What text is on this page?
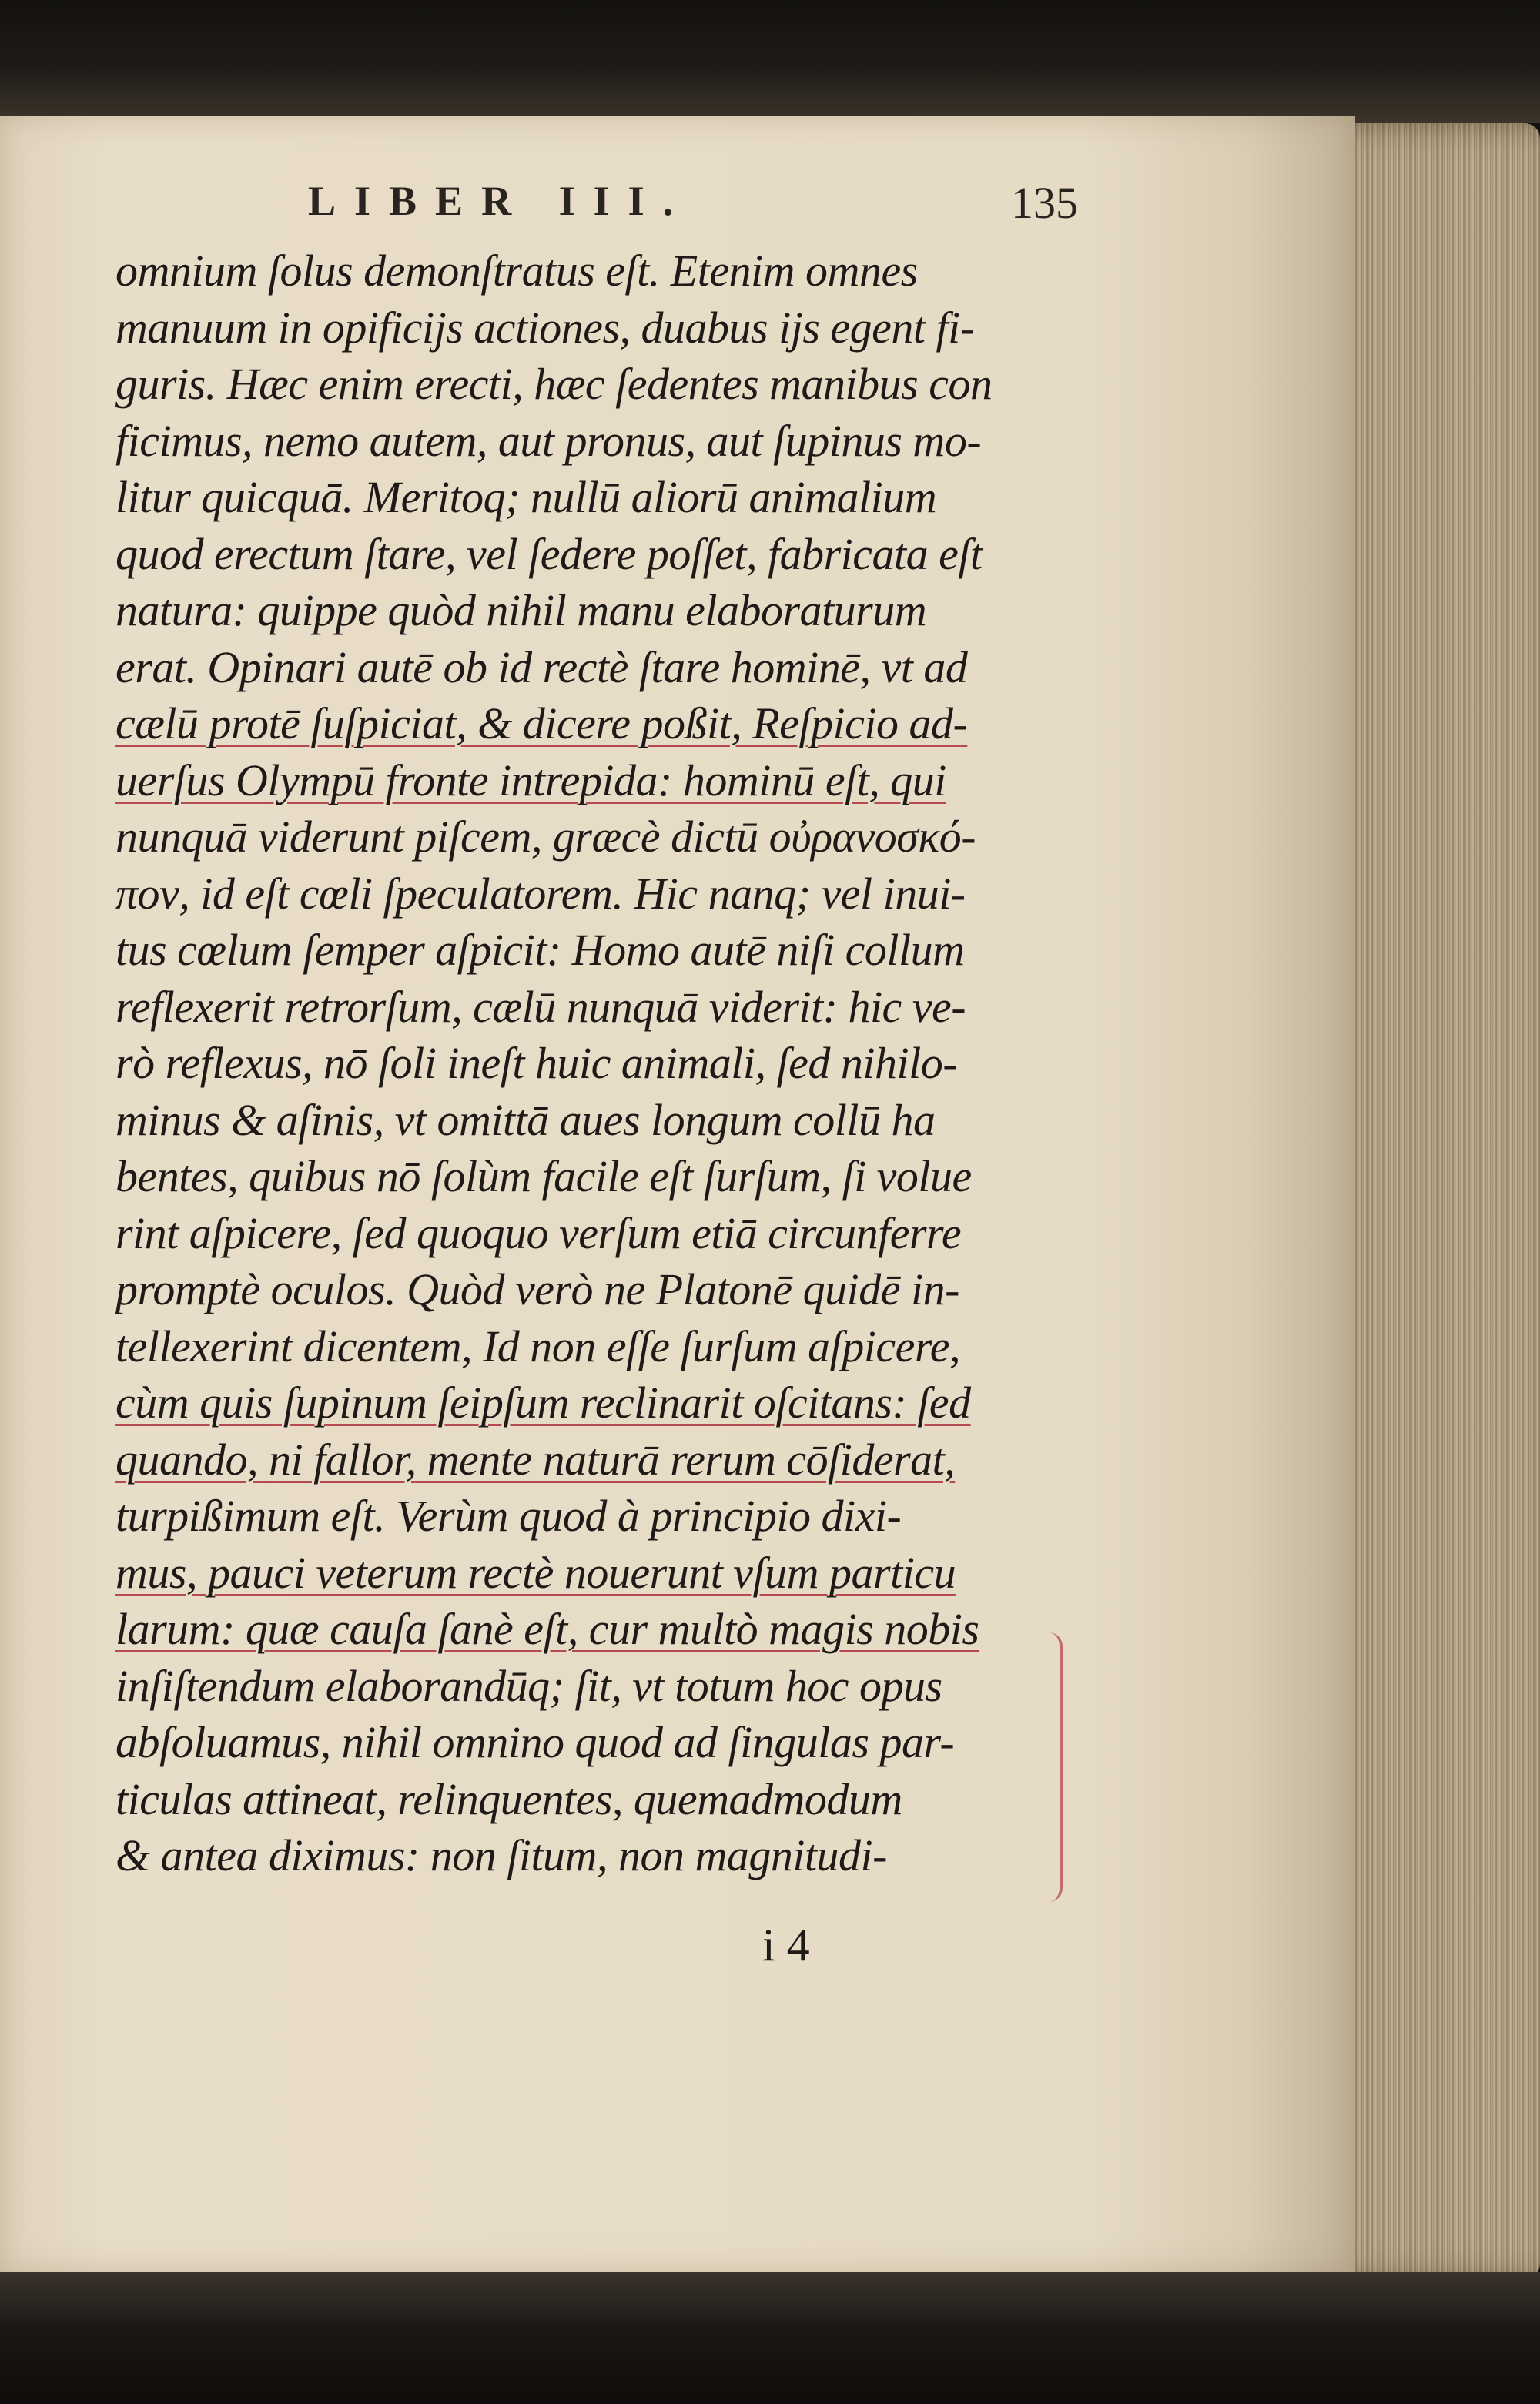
LIBER III.	135
omnium ſolus demonſtratus eſt. Etenim omnes
manuum in opificijs actiones, duabus ijs egent fi-
guris. Hæc enim erecti, hæc ſedentes manibus con
ficimus, nemo autem, aut pronus, aut ſupinus mo-
litur quicquā. Meritoq; nullū aliorū animalium
quod erectum ſtare, vel ſedere poſſet, fabricata eſt
natura: quippe quòd nihil manu elaboraturum
erat. Opinari autē ob id rectè ſtare hominē, vt ad
cælū protē ſuſpiciat, & dicere poßit, Reſpicio ad-
uerſus Olympū fronte intrepida: hominū eſt, qui
nunquā viderunt piſcem, græcè dictū οὐρανοσκό-
πον, id eſt cœli ſpeculatorem. Hic nanq; vel inui-
tus cœlum ſemper aſpicit: Homo autē niſi collum
reflexerit retrorſum, cælū nunquā viderit: hic ve-
rò reflexus, nō ſoli ineſt huic animali, ſed nihilo-
minus & aſinis, vt omittā aues longum collū ha
bentes, quibus nō ſolùm facile eſt ſurſum, ſi volue
rint aſpicere, ſed quoquo verſum etiā circunferre
promptè oculos. Quòd verò ne Platonē quidē in-
tellexerint dicentem, Id non eſſe ſurſum aſpicere,
cùm quis ſupinum ſeipſum reclinarit oſcitans: ſed
quando, ni fallor, mente naturā rerum cōſiderat,
turpißimum eſt. Verùm quod à principio dixi-
mus, pauci veterum rectè nouerunt vſum particu
larum: quæ cauſa ſanè eſt, cur multò magis nobis
inſiſtendum elaborandūq; ſit, vt totum hoc opus
abſoluamus, nihil omnino quod ad ſingulas par-
ticulas attineat, relinquentes, quemadmodum
& antea diximus: non ſitum, non magnitudi-
i 4
